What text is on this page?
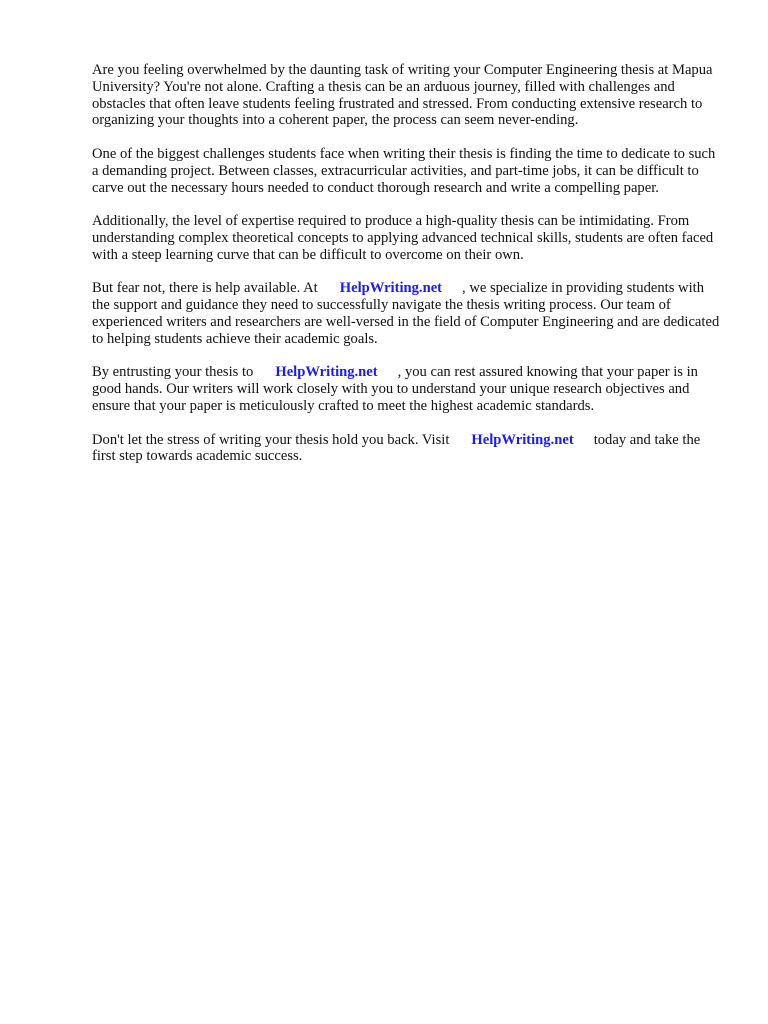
Are you feeling overwhelmed by the daunting task of writing your Computer Engineering thesis at Mapua University? You're not alone. Crafting a thesis can be an arduous journey, filled with challenges and obstacles that often leave students feeling frustrated and stressed. From conducting extensive research to organizing your thoughts into a coherent paper, the process can seem never-ending.

One of the biggest challenges students face when writing their thesis is finding the time to dedicate to such a demanding project. Between classes, extracurricular activities, and part-time jobs, it can be difficult to carve out the necessary hours needed to conduct thorough research and write a compelling paper.

Additionally, the level of expertise required to produce a high-quality thesis can be intimidating. From understanding complex theoretical concepts to applying advanced technical skills, students are often faced with a steep learning curve that can be difficult to overcome on their own.

But fear not, there is help available. At HelpWriting.net , we specialize in providing students with the support and guidance they need to successfully navigate the thesis writing process. Our team of experienced writers and researchers are well-versed in the field of Computer Engineering and are dedicated to helping students achieve their academic goals.

By entrusting your thesis to HelpWriting.net , you can rest assured knowing that your paper is in good hands. Our writers will work closely with you to understand your unique research objectives and ensure that your paper is meticulously crafted to meet the highest academic standards.

Don't let the stress of writing your thesis hold you back. Visit HelpWriting.net today and take the first step towards academic success.
